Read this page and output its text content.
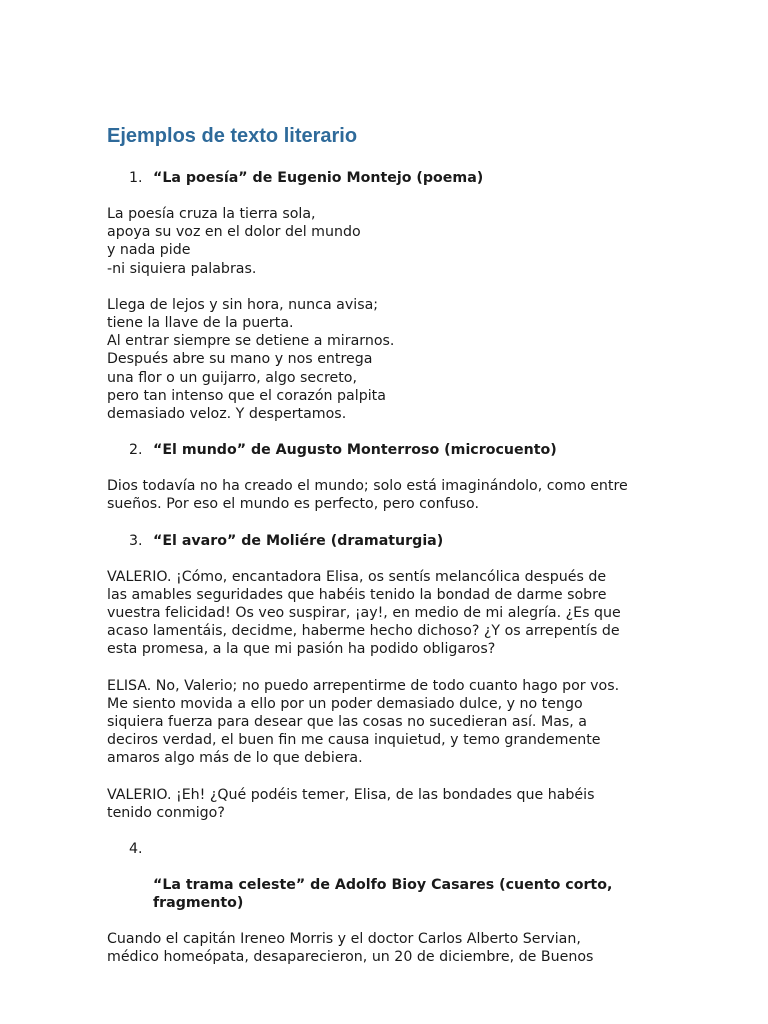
Ejemplos de texto literario
1. “La poesía” de Eugenio Montejo (poema)

La poesía cruza la tierra sola,
apoya su voz en el dolor del mundo
y nada pide
-ni siquiera palabras.

Llega de lejos y sin hora, nunca avisa;
tiene la llave de la puerta.
Al entrar siempre se detiene a mirarnos.
Después abre su mano y nos entrega
una flor o un guijarro, algo secreto,
pero tan intenso que el corazón palpita
demasiado veloz. Y despertamos.

2. “El mundo” de Augusto Monterroso (microcuento)

Dios todavía no ha creado el mundo; solo está imaginándolo, como entre
sueños. Por eso el mundo es perfecto, pero confuso.

3. “El avaro” de Moliére (dramaturgia)

VALERIO. ¡Cómo, encantadora Elisa, os sentís melancólica después de
las amables seguridades que habéis tenido la bondad de darme sobre
vuestra felicidad! Os veo suspirar, ¡ay!, en medio de mi alegría. ¿Es que
acaso lamentáis, decidme, haberme hecho dichoso? ¿Y os arrepentís de
esta promesa, a la que mi pasión ha podido obligaros?

ELISA. No, Valerio; no puedo arrepentirme de todo cuanto hago por vos.
Me siento movida a ello por un poder demasiado dulce, y no tengo
siquiera fuerza para desear que las cosas no sucedieran así. Mas, a
deciros verdad, el buen fin me causa inquietud, y temo grandemente
amaros algo más de lo que debiera.

VALERIO. ¡Eh! ¿Qué podéis temer, Elisa, de las bondades que habéis
tenido conmigo?

4.

“La trama celeste” de Adolfo Bioy Casares (cuento corto,
fragmento)

Cuando el capitán Ireneo Morris y el doctor Carlos Alberto Servian,
médico homeópata, desaparecieron, un 20 de diciembre, de Buenos
